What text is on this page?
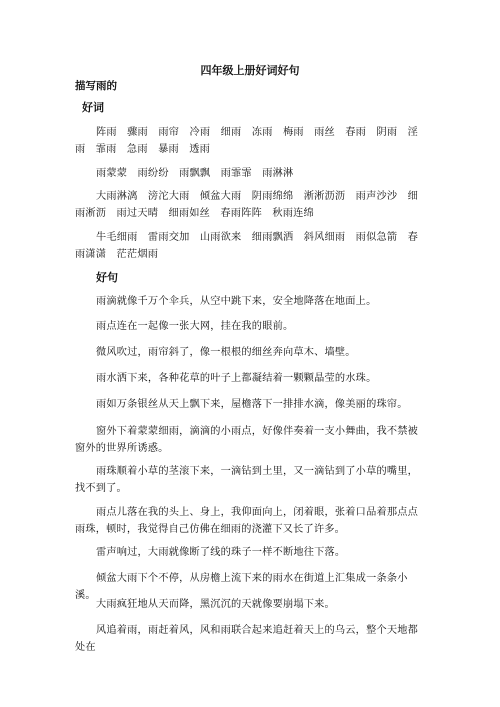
四年级上册好词好句
描写雨的
好词
阵雨　骤雨　雨帘　冷雨　细雨　冻雨　梅雨　雨丝　春雨　阴雨　淫雨　霏雨　急雨　暴雨　透雨
雨蒙蒙　雨纷纷　雨飘飘　雨霏霏　雨淋淋
大雨淋漓　滂沱大雨　倾盆大雨　阴雨绵绵　淅淅沥沥　雨声沙沙　细雨淅沥　雨过天晴　细雨如丝　春雨阵阵　秋雨连绵
牛毛细雨　雷雨交加　山雨欲来　细雨飘洒　斜风细雨　雨似急箭　春雨潇潇　茫茫烟雨
好句
雨滴就像千万个伞兵，从空中跳下来，安全地降落在地面上。
雨点连在一起像一张大网，挂在我的眼前。
微风吹过，雨帘斜了，像一根根的细丝奔向草木、墙壁。
雨水洒下来，各种花草的叶子上都凝结着一颗颗晶莹的水珠。
雨如万条银丝从天上飘下来，屋檐落下一排排水滴，像美丽的珠帘。
窗外下着蒙蒙细雨，滴滴的小雨点，好像伴奏着一支小舞曲，我不禁被窗外的世界所诱惑。
雨珠顺着小草的茎滚下来，一滴钻到土里，又一滴钻到了小草的嘴里，找不到了。
雨点儿落在我的头上、身上，我仰面向上，闭着眼，张着口品着那点点雨珠，顿时，我觉得自己仿佛在细雨的浇灌下又长了许多。
雷声响过，大雨就像断了线的珠子一样不断地往下落。
倾盆大雨下个不停，从房檐上流下来的雨水在街道上汇集成一条条小溪。
大雨疯狂地从天而降，黑沉沉的天就像要崩塌下来。
风追着雨，雨赶着风，风和雨联合起来追赶着天上的乌云，整个天地都处在
